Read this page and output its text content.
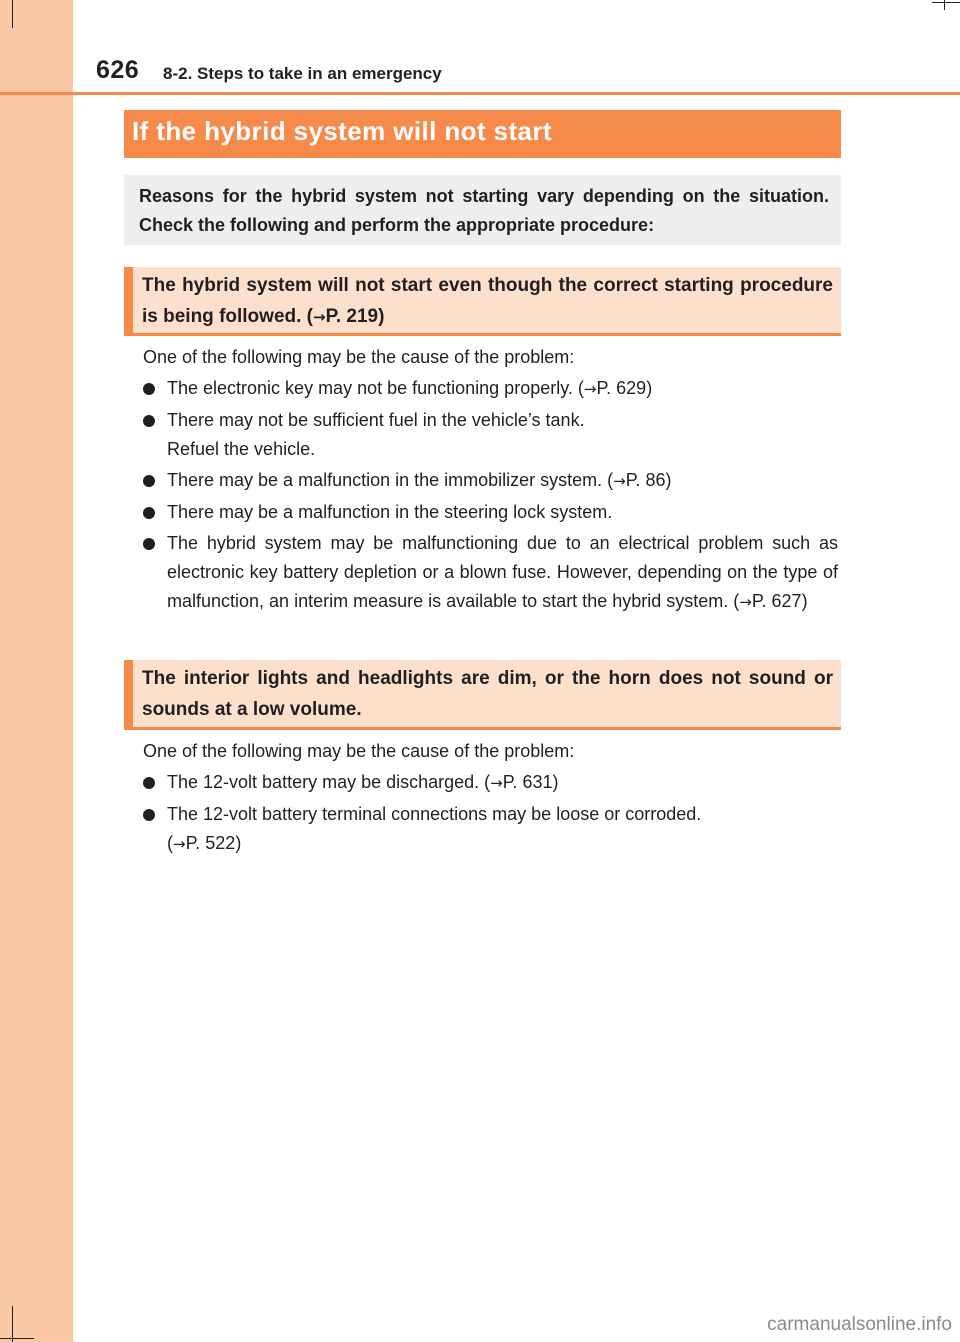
626 8-2. Steps to take in an emergency
If the hybrid system will not start
Reasons for the hybrid system not starting vary depending on the situation. Check the following and perform the appropriate procedure:
The hybrid system will not start even though the correct starting procedure is being followed. (→P. 219)
One of the following may be the cause of the problem:
The electronic key may not be functioning properly. (→P. 629)
There may not be sufficient fuel in the vehicle’s tank.
Refuel the vehicle.
There may be a malfunction in the immobilizer system. (→P. 86)
There may be a malfunction in the steering lock system.
The hybrid system may be malfunctioning due to an electrical problem such as electronic key battery depletion or a blown fuse. However, depending on the type of malfunction, an interim measure is available to start the hybrid system. (→P. 627)
The interior lights and headlights are dim, or the horn does not sound or sounds at a low volume.
One of the following may be the cause of the problem:
The 12-volt battery may be discharged. (→P. 631)
The 12-volt battery terminal connections may be loose or corroded.
(→P. 522)
carmanualsonline.info
